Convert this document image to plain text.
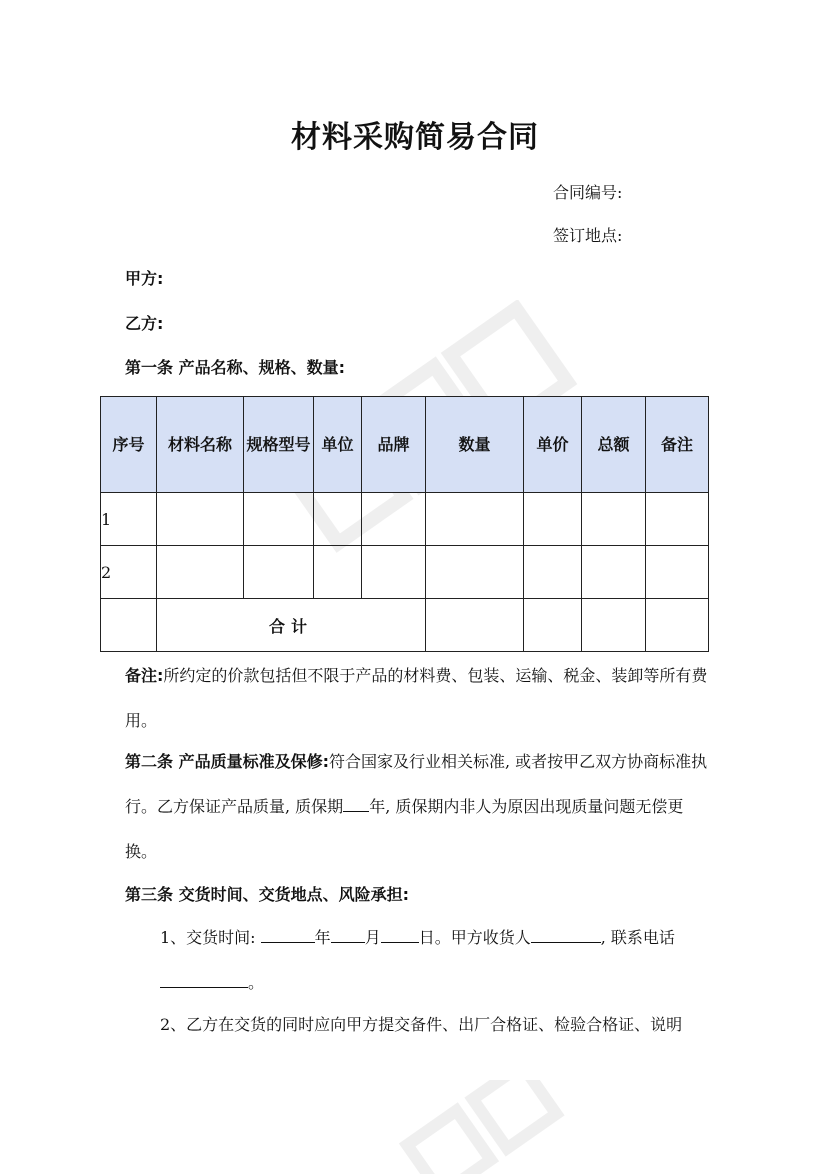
材料采购简易合同
合同编号:
签订地点:
甲方:
乙方:
第一条 产品名称、规格、数量:
序号	材料名称	规格型号	单位	品牌	数量	单价	总额	备注
1								
2								
	合计							
备注:所约定的价款包括但不限于产品的材料费、包装、运输、税金、装卸等所有费用。
第二条 产品质量标准及保修:符合国家及行业相关标准, 或者按甲乙双方协商标准执行。乙方保证产品质量, 质保期 年, 质保期内非人为原因出现质量问题无偿更换。
第三条 交货时间、交货地点、风险承担:
1、交货时间:	年 月 日。甲方收货人	, 联系电话。
2、乙方在交货的同时应向甲方提交备件、出厂合格证、检验合格证、说明
